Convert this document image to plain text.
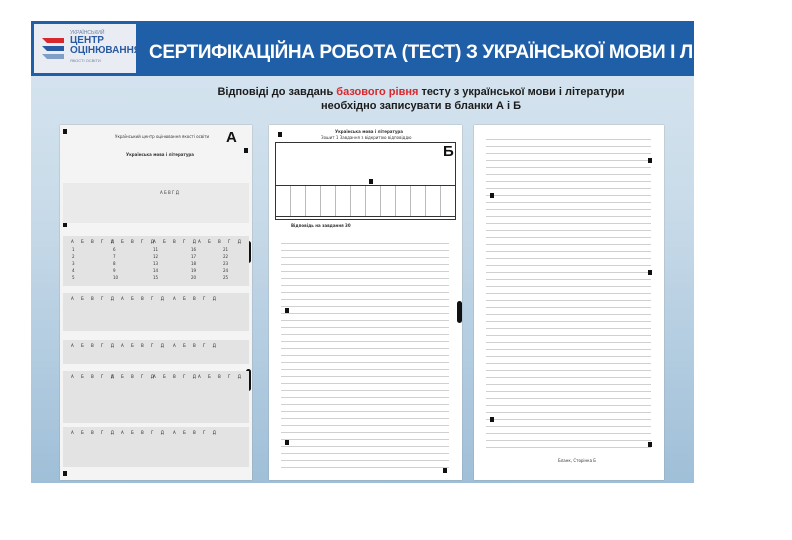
УКРАЇНСЬКИЙ
ЦЕНТР
ОЦІНЮВАННЯ
ЯКОСТІ ОСВІТИ	СЕРТИФІКАЦІЙНА РОБОТА (ТЕСТ) З УКРАЇНСЬКОЇ МОВИ І ЛІТЕРАТУРИ
Відповіді до завдань базового рівня тесту з української мови і літератури
необхідно записувати в бланки А і Б
Український центр оцінювання якості освіти А
Українська мова і література
А Б В Г Д
А Б В Г Д
А Б В Г Д
А Б В Г Д А Б В Г Д
1
2
3
4
5
6
7
8
9
10
11
12
13
14
15
16
17
18
19
20
21
22
23
24
25
А Б В Г Д А Б В Г Д А Б В Г Д
А Б В Г Д А Б В Г Д А Б В Г Д
А Б В Г Д
А Б В Г Д
А Б В Г Д А Б В Г Д
А Б В Г Д А Б В Г Д А Б В Г Д
Українська мова і література
Зошит 1 Завдання з відкритою відповіддю
Б
Відповідь на завдання 30
Бланк, Сторінка Б
